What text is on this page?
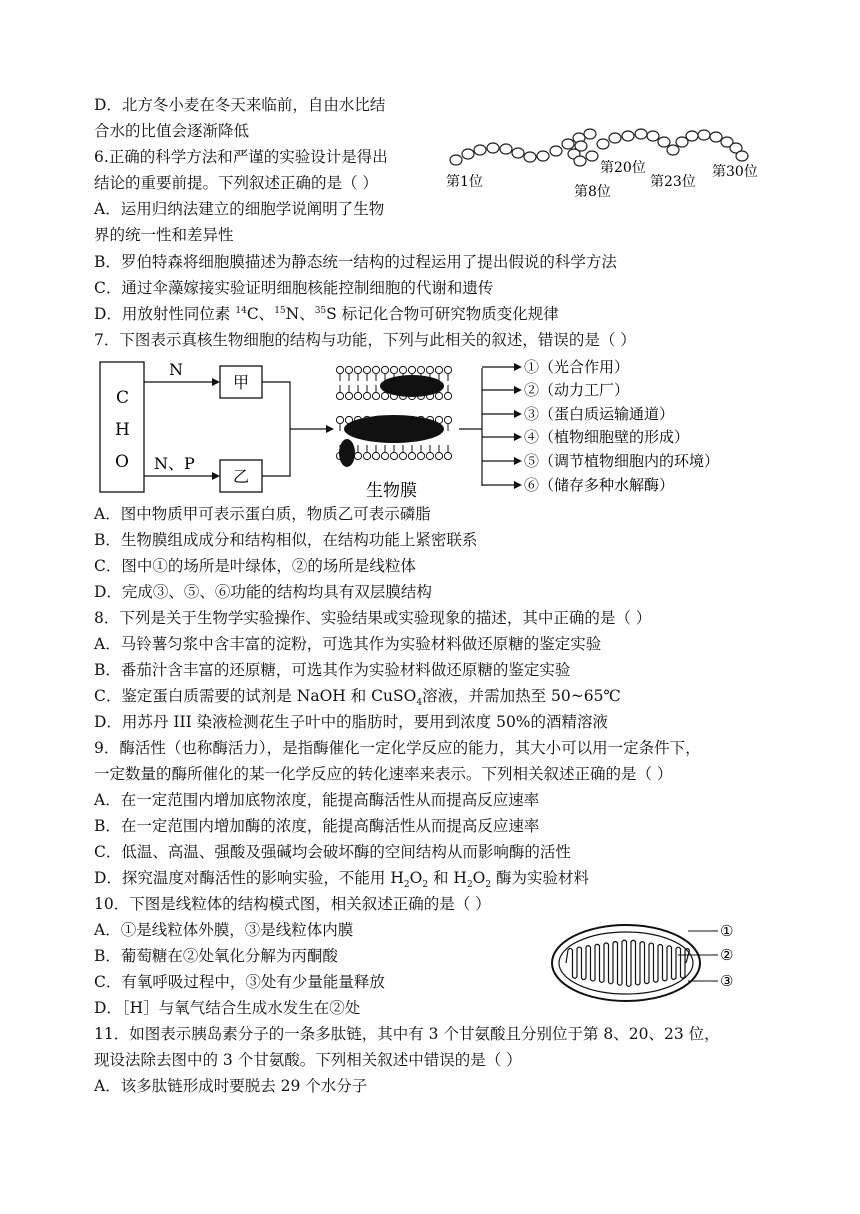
D．北方冬小麦在冬天来临前，自由水比结
合水的比值会逐渐降低
6.正确的科学方法和严谨的实验设计是得出
结论的重要前提。下列叙述正确的是（ ）
A．运用归纳法建立的细胞学说阐明了生物
界的统一性和差异性
B．罗伯特森将细胞膜描述为静态统一结构的过程运用了提出假说的科学方法
C．通过伞藻嫁接实验证明细胞核能控制细胞的代谢和遗传
D．用放射性同位素 $^{14}$C、$^{15}$N、$^{35}$S 标记化合物可研究物质变化规律
7．下图表示真核生物细胞的结构与功能，下列与此相关的叙述，错误的是（ ）
A．图中物质甲可表示蛋白质，物质乙可表示磷脂
B．生物膜组成成分和结构相似，在结构功能上紧密联系
C．图中①的场所是叶绿体，②的场所是线粒体
D．完成③、⑤、⑥功能的结构均具有双层膜结构
8．下列是关于生物学实验操作、实验结果或实验现象的描述，其中正确的是（ ）
A．马铃薯匀浆中含丰富的淀粉，可选其作为实验材料做还原糖的鉴定实验
B．番茄汁含丰富的还原糖，可选其作为实验材料做还原糖的鉴定实验
C．鉴定蛋白质需要的试剂是 NaOH 和 CuSO$_4$溶液，并需加热至 50~65℃
D．用苏丹 III 染液检测花生子叶中的脂肪时，要用到浓度 50%的酒精溶液
9．酶活性（也称酶活力），是指酶催化一定化学反应的能力，其大小可以用一定条件下，
一定数量的酶所催化的某一化学反应的转化速率来表示。下列相关叙述正确的是（ ）
A．在一定范围内增加底物浓度，能提高酶活性从而提高反应速率
B．在一定范围内增加酶的浓度，能提高酶活性从而提高反应速率
C．低温、高温、强酸及强碱均会破坏酶的空间结构从而影响酶的活性
D．探究温度对酶活性的影响实验，不能用 $H_2O_2$ 和 $H_2O_2$ 酶为实验材料
10．下图是线粒体的结构模式图，相关叙述正确的是（ ）
A．①是线粒体外膜，③是线粒体内膜
B．葡萄糖在②处氧化分解为丙酮酸
C．有氧呼吸过程中，③处有少量能量释放
D．［H］与氧气结合生成水发生在②处
11．如图表示胰岛素分子的一条多肽链，其中有 3 个甘氨酸且分别位于第 8、20、23 位，
现设法除去图中的 3 个甘氨酸。下列相关叙述中错误的是（ ）
A．该多肽链形成时要脱去 29 个水分子
第1位
第8位
第20位
第23位
第30位
C
H
O
N
N、P
甲
乙
生物膜
①（光合作用）
②（动力工厂）
③（蛋白质运输通道）
④（植物细胞壁的形成）
⑤（调节植物细胞内的环境）
⑥（储存多种水解酶）
①
②
③
